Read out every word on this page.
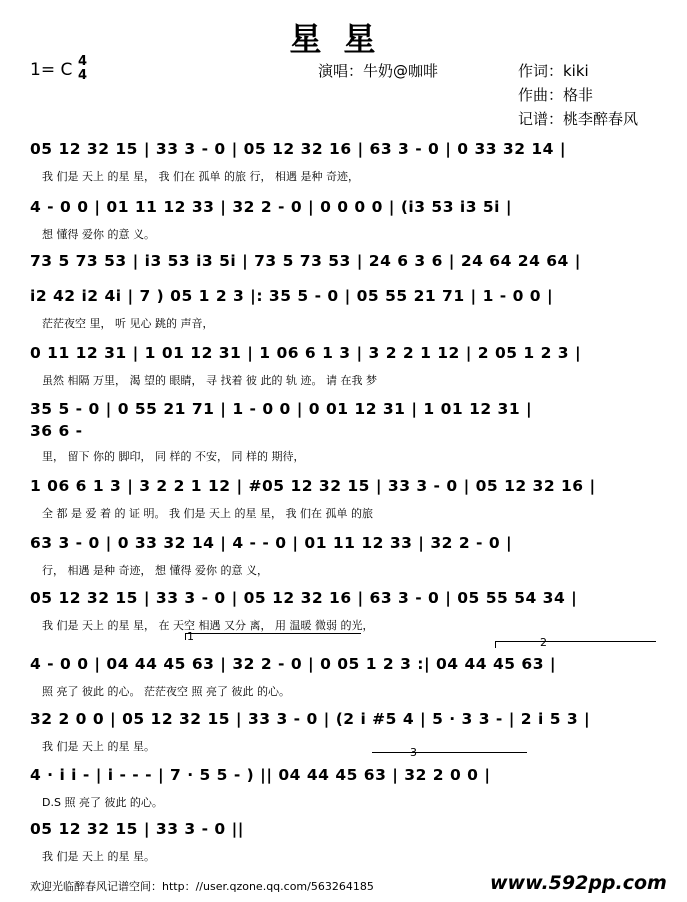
星星
1= C 4
4	演唱：牛奶@咖啡	作词：kiki
作曲：格非
记谱：桃李醉春风
05 12 32 15 | 33 3 - 0 | 05 12 32 16 | 63 3 - 0 | 0 33 32 14 |
我 们是 天上 的星 星， 我 们在 孤单 的旅 行， 相遇 是种 奇迹，
4 - 0 0 | 01 11 12 33 | 32 2 - 0 | 0 0 0 0 | (i3 53 i3 5i |
想 懂得 爱你 的意 义。
73 5 73 53 | i3 53 i3 5i | 73 5 73 53 | 24 6 3 6 | 24 64 24 64 |
i2 42 i2 4i | 7 ) 05 1 2 3 |: 35 5 - 0 | 05 55 21 71 | 1 - 0 0 |
茫茫夜空 里， 听 见心 跳的 声音，
0 11 12 31 | 1 01 12 31 | 1 06 6 1 3 | 3 2 2 1 12 | 2 05 1 2 3 |
虽然 相隔 万里， 渴 望的 眼睛， 寻 找着 彼 此的 轨 迹。 请 在我 梦
35 5 - 0 | 0 55 21 71 | 1 - 0 0 | 0 01 12 31 | 1 01 12 31 |
36 6 -
里， 留下 你的 脚印， 同 样的 不安， 同 样的 期待，
1 06 6 1 3 | 3 2 2 1 12 | #05 12 32 15 | 33 3 - 0 | 05 12 32 16 |
全 都 是 爱 着 的 证 明。 我 们是 天上 的星 星， 我 们在 孤单 的旅
63 3 - 0 | 0 33 32 14 | 4 - - 0 | 01 11 12 33 | 32 2 - 0 |
行， 相遇 是种 奇迹， 想 懂得 爱你 的意 义，
05 12 32 15 | 33 3 - 0 | 05 12 32 16 | 63 3 - 0 | 05 55 54 34 |
我 们是 天上 的星 星， 在 天空 相遇 又分 离， 用 温暖 微弱 的光，
4 - 0 0 | 04 44 45 63 | 32 2 - 0 | 0 05 1 2 3 :| 04 44 45 63 |
照 亮了 彼此 的心。 茫茫夜空 照 亮了 彼此 的心。
32 2 0 0 | 05 12 32 15 | 33 3 - 0 | (2 i #5 4 | 5 · 3 3 - | 2 i 5 3 |
我 们是 天上 的星 星。
4 · i i - | i - - - | 7 · 5 5 - ) || 04 44 45 63 | 32 2 0 0 |
D.S 照 亮了 彼此 的心。
05 12 32 15 | 33 3 - 0 ||
我 们是 天上 的星 星。
1	2
3
欢迎光临醉春风记谱空间：http：//user.qzone.qq.com/563264185	www.592pp.com
